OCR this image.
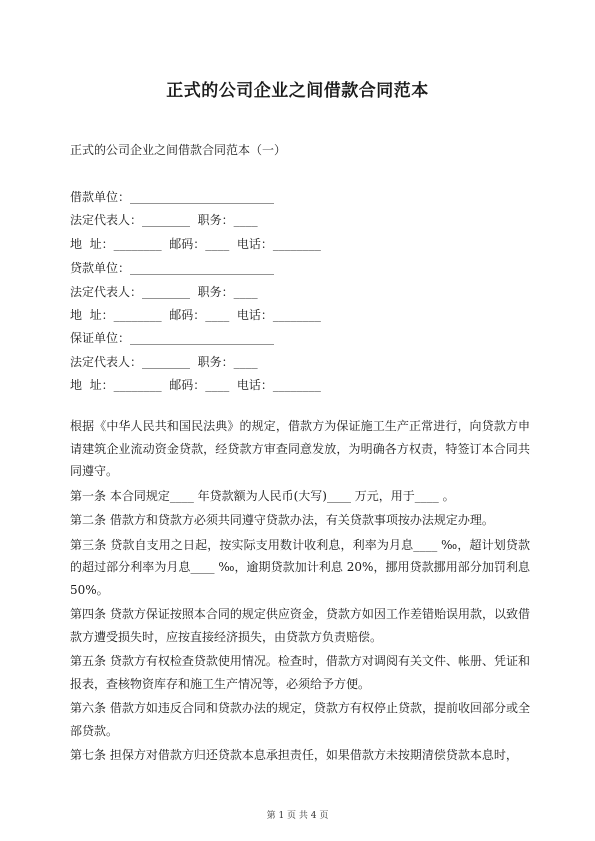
正式的公司企业之间借款合同范本
正式的公司企业之间借款合同范本（一）
借款单位：________________________
法定代表人：________  职务：____
地  址：________  邮码：____  电话：________
贷款单位：________________________
法定代表人：________  职务：____
地  址：________  邮码：____  电话：________
保证单位：________________________
法定代表人：________  职务：____
地  址：________  邮码：____  电话：________

根据《中华人民共和国民法典》的规定，借款方为保证施工生产正常进行，向贷款方申请建筑企业流动资金贷款，经贷款方审查同意发放，为明确各方权责，特签订本合同共同遵守。

第一条 本合同规定____ 年贷款额为人民币(大写)____ 万元，用于____ 。

第二条 借款方和贷款方必须共同遵守贷款办法，有关贷款事项按办法规定办理。

第三条 贷款自支用之日起，按实际支用数计收利息，利率为月息____ ‰，超计划贷款的超过部分利率为月息____ ‰，逾期贷款加计利息 20%，挪用贷款挪用部分加罚利息 50%。

第四条 贷款方保证按照本合同的规定供应资金，贷款方如因工作差错贻误用款，以致借款方遭受损失时，应按直接经济损失，由贷款方负责赔偿。

第五条 贷款方有权检查贷款使用情况。检查时，借款方对调阅有关文件、帐册、凭证和报表，查核物资库存和施工生产情况等，必须给予方便。

第六条 借款方如违反合同和贷款办法的规定，贷款方有权停止贷款，提前收回部分或全部贷款。

第七条 担保方对借款方归还贷款本息承担责任，如果借款方未按期清偿贷款本息时，

第 1 页 共 4 页
